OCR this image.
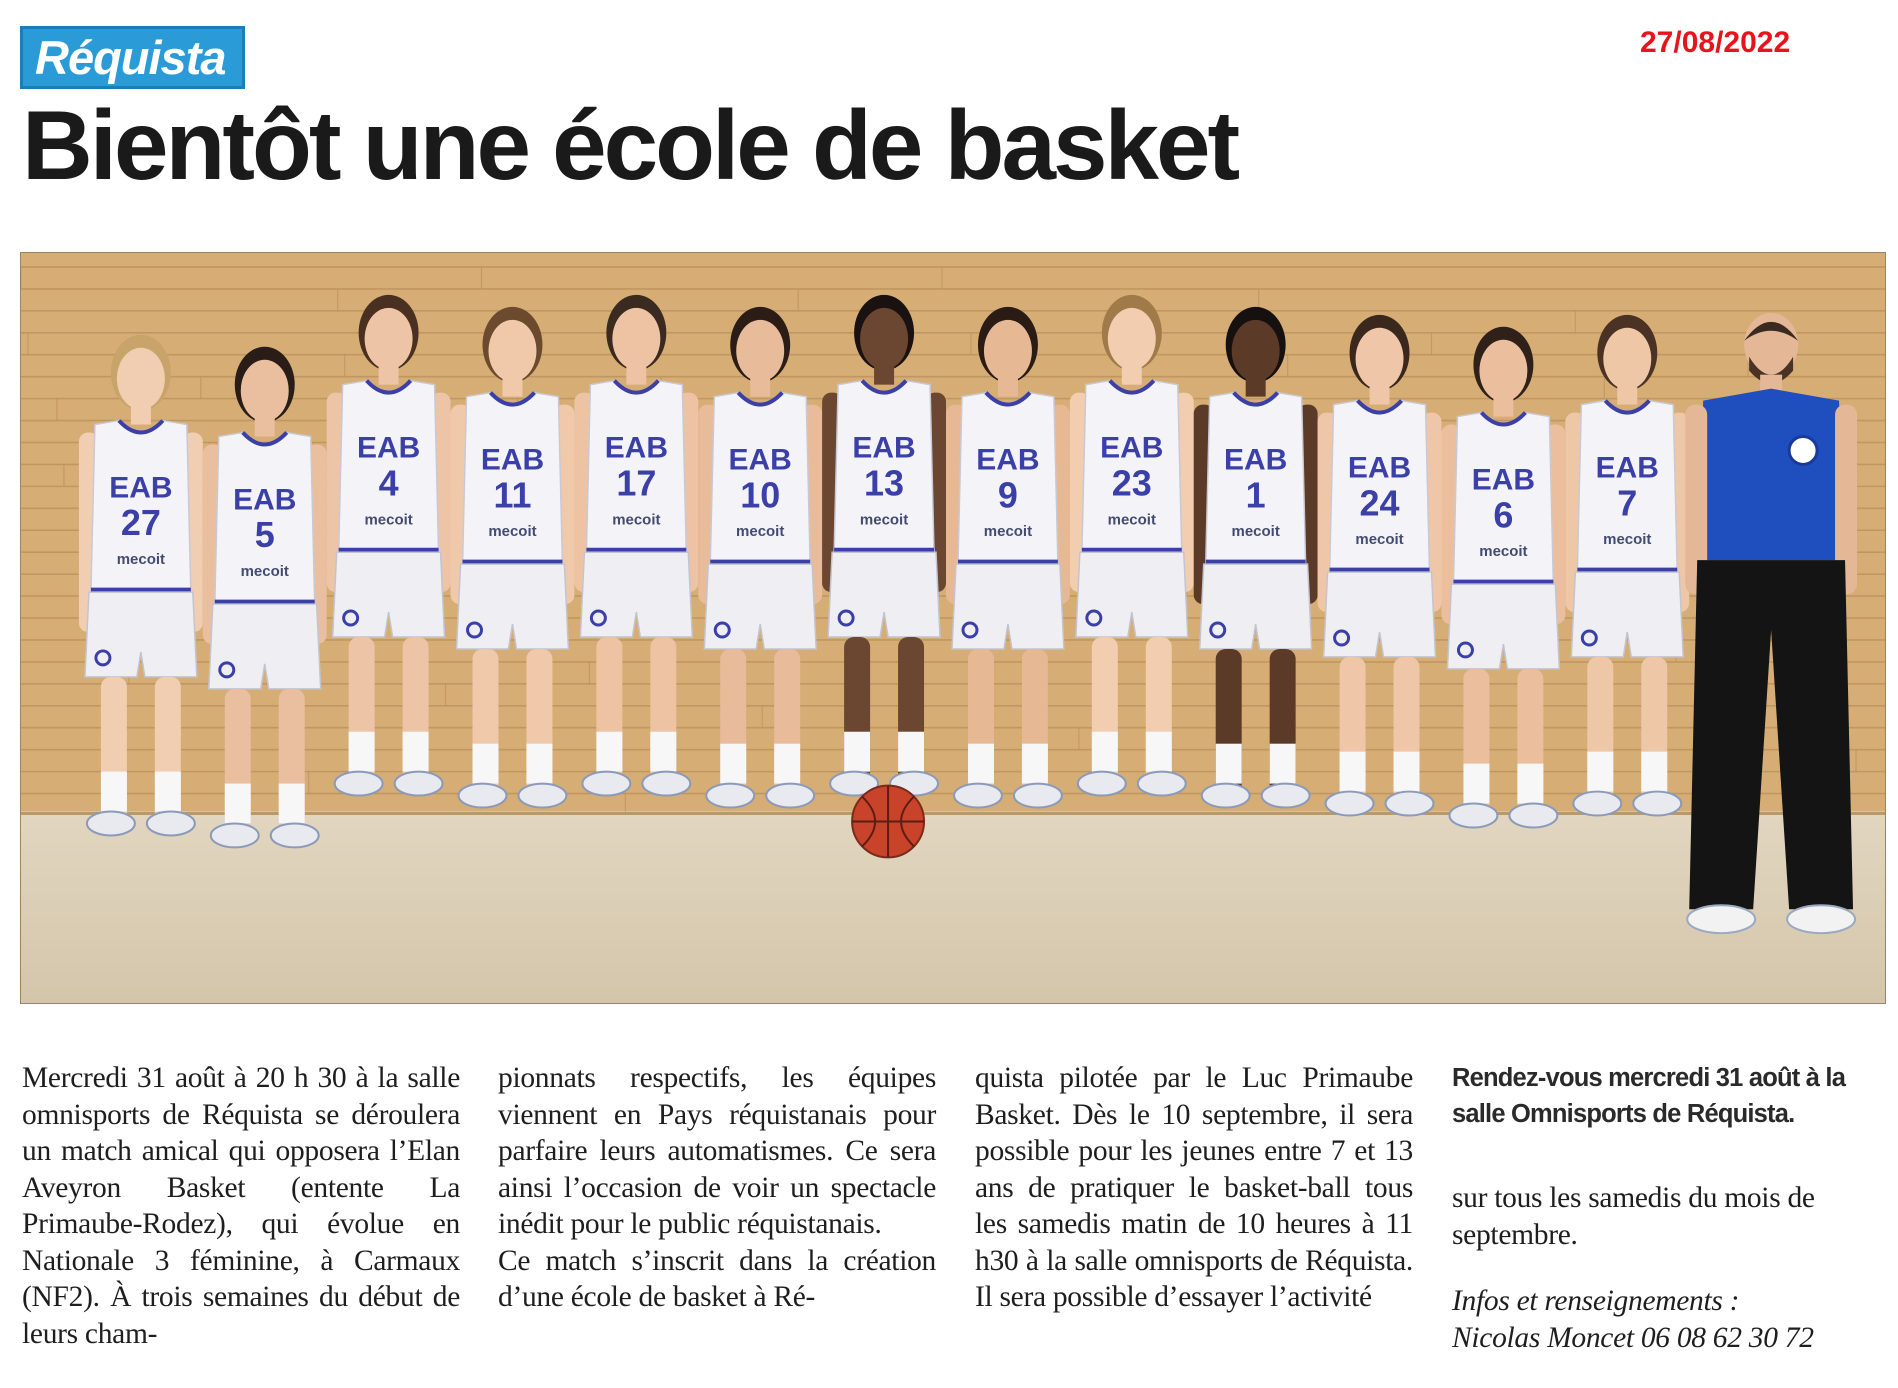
Réquista	27/08/2022
Bientôt une école de basket
EAB
27
mecoit
EAB
5
mecoit
EAB
4
mecoit
EAB
11
mecoit
EAB
17
mecoit
EAB
10
mecoit
EAB
13
mecoit
EAB
9
mecoit
EAB
23
mecoit
EAB
1
mecoit
EAB
24
mecoit
EAB
6
mecoit
EAB
7
mecoit

Mercredi 31 août à 20 h 30 à la salle omnisports de Réquista se déroulera un match amical qui opposera l’Elan Aveyron Basket (entente La Primaube-Rodez), qui évolue en Nationale 3 féminine, à Carmaux (NF2). À trois semaines du début de leurs cham-

pionnats respectifs, les équipes viennent en Pays réquistanais pour parfaire leurs automatismes. Ce sera ainsi l’occasion de voir un spectacle inédit pour le public réquistanais.

Ce match s’inscrit dans la création d’une école de basket à Ré-

quista pilotée par le Luc Primaube Basket. Dès le 10 septembre, il sera possible pour les jeunes entre 7 et 13 ans de pratiquer le basket-ball tous les samedis matin de 10 heures à 11 h30 à la salle omnisports de Réquista. Il sera possible d’essayer l’activité

Rendez-vous mercredi 31 août à la salle Omnisports de Réquista.

sur tous les samedis du mois de septembre.

Infos et renseignements :

Nicolas Moncet 06 08 62 30 72
